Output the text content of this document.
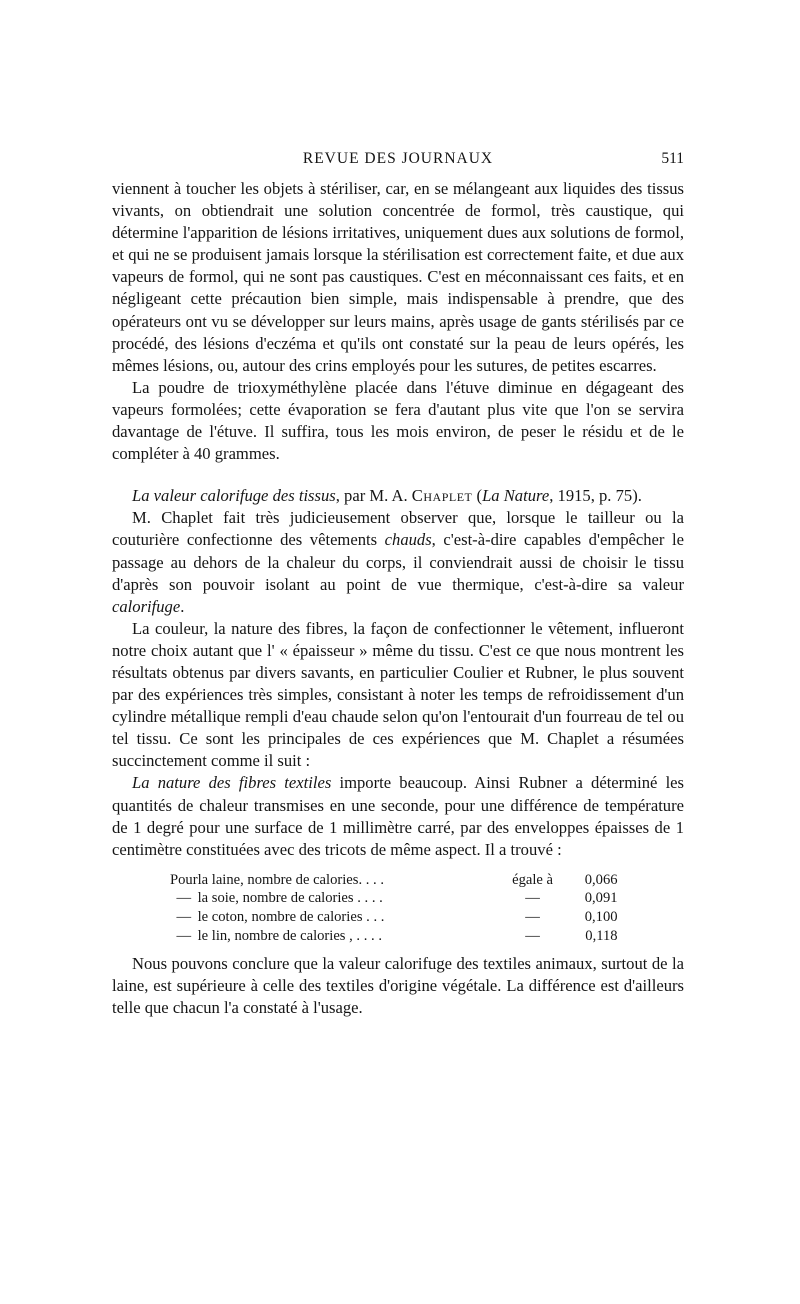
REVUE DES JOURNAUX	511

viennent à toucher les objets à stériliser, car, en se mélangeant aux liquides des tissus vivants, on obtiendrait une solution concentrée de formol, très caustique, qui détermine l'apparition de lésions irritatives, uniquement dues aux solutions de formol, et qui ne se produisent jamais lorsque la stérilisation est correctement faite, et due aux vapeurs de formol, qui ne sont pas caustiques. C'est en méconnaissant ces faits, et en négligeant cette précaution bien simple, mais indispensable à prendre, que des opérateurs ont vu se développer sur leurs mains, après usage de gants stérilisés par ce procédé, des lésions d'eczéma et qu'ils ont constaté sur la peau de leurs opérés, les mêmes lésions, ou, autour des crins employés pour les sutures, de petites escarres.

La poudre de trioxyméthylène placée dans l'étuve diminue en dégageant des vapeurs formolées; cette évaporation se fera d'autant plus vite que l'on se servira davantage de l'étuve. Il suffira, tous les mois environ, de peser le résidu et de le compléter à 40 grammes.

La valeur calorifuge des tissus, par M. A. Chaplet (La Nature, 1915, p. 75).

M. Chaplet fait très judicieusement observer que, lorsque le tailleur ou la couturière confectionne des vêtements chauds, c'est-à-dire capables d'empêcher le passage au dehors de la chaleur du corps, il conviendrait aussi de choisir le tissu d'après son pouvoir isolant au point de vue thermique, c'est-à-dire sa valeur calorifuge.

La couleur, la nature des fibres, la façon de confectionner le vêtement, influeront notre choix autant que l' « épaisseur » même du tissu. C'est ce que nous montrent les résultats obtenus par divers savants, en particulier Coulier et Rubner, le plus souvent par des expériences très simples, consistant à noter les temps de refroidissement d'un cylindre métallique rempli d'eau chaude selon qu'on l'entourait d'un fourreau de tel ou tel tissu. Ce sont les principales de ces expériences que M. Chaplet a résumées succinctement comme il suit :

La nature des fibres textiles importe beaucoup. Ainsi Rubner a déterminé les quantités de chaleur transmises en une seconde, pour une différence de température de 1 degré pour une surface de 1 millimètre carré, par des enveloppes épaisses de 1 centimètre constituées avec des tricots de même aspect. Il a trouvé :

Pour	la laine, nombre de calories. . . .	égale à	0,066
—	la soie, nombre de calories . . . .	—	0,091
—	le coton, nombre de calories . . .	—	0,100
—	le lin, nombre de calories , . . . .	—	0,118

Nous pouvons conclure que la valeur calorifuge des textiles animaux, surtout de la laine, est supérieure à celle des textiles d'origine végétale. La différence est d'ailleurs telle que chacun l'a constaté à l'usage.
